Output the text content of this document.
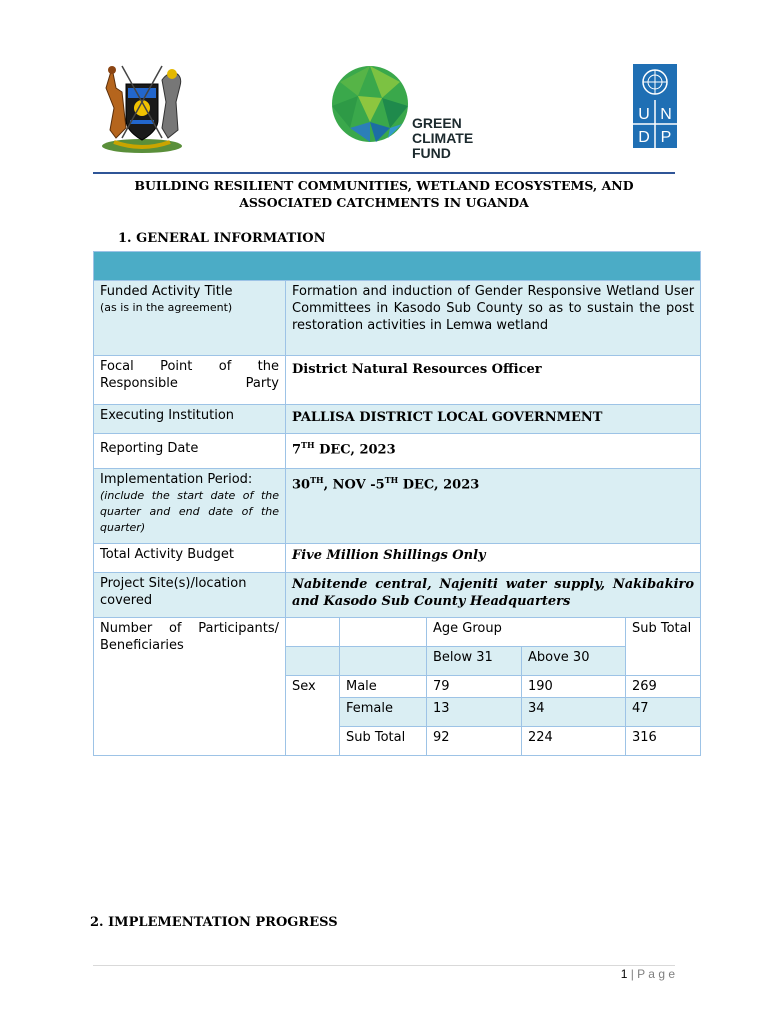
GREEN
CLIMATE
FUND
U N
D P
BUILDING RESILIENT COMMUNITIES, WETLAND ECOSYSTEMS, AND
ASSOCIATED CATCHMENTS IN UGANDA
1. GENERAL INFORMATION

Funded Activity Title
(as is in the agreement)	Formation and induction of Gender Responsive Wetland User Committees in Kasodo Sub County so as to sustain the post restoration activities in Lemwa wetland				
Focal Point of the Responsible Party	District Natural Resources Officer				
Executing Institution	PALLISA DISTRICT LOCAL GOVERNMENT				
Reporting Date	7TH DEC, 2023				
Implementation Period:
(include the start date of the quarter and end date of the quarter)	30TH, NOV -5TH DEC, 2023				
Total Activity Budget	Five Million Shillings Only				
Project Site(s)/location covered	Nabitende central, Najeniti water supply, Nakibakiro and Kasodo Sub County Headquarters				
Number of Participants/ Beneficiaries			Age Group		Sub Total
			Below 31	Above 30	
	Sex	Male	79	190	269
		Female	13	34	47
		Sub Total	92	224	316
2. IMPLEMENTATION PROGRESS
1 | P a g e
